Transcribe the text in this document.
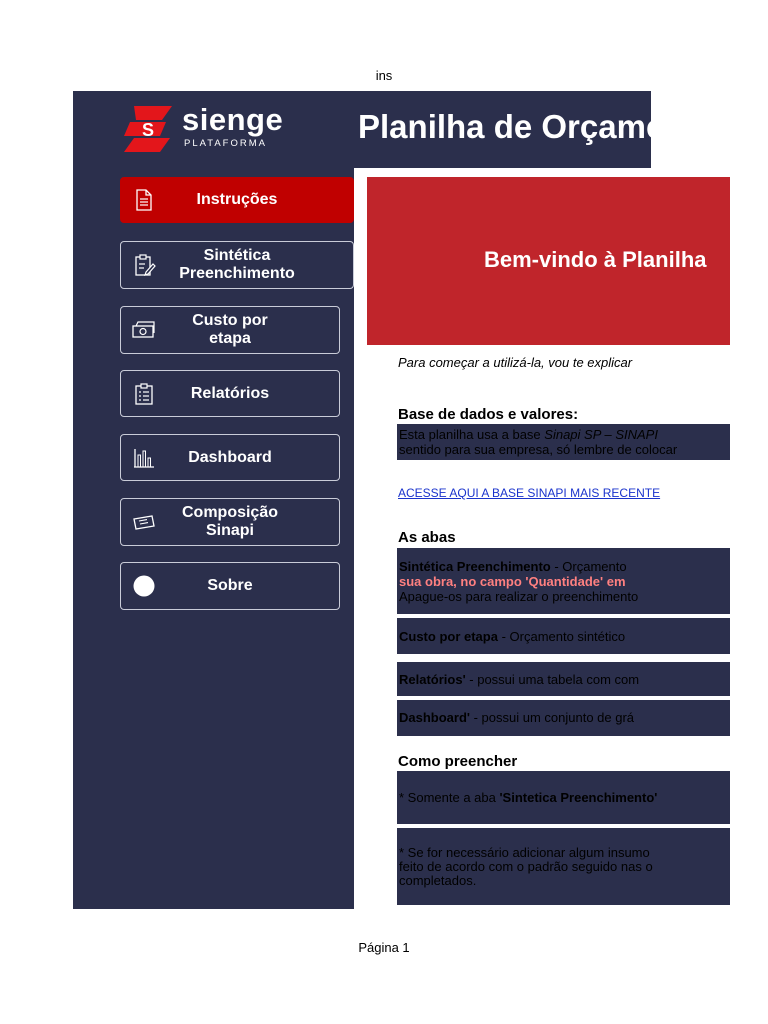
ins
Planilha de Orçamento
S sienge
PLATAFORMA
Instruções
Sintética Preenchimento
Custo por etapa
Relatórios
Dashboard
Composição Sinapi
Sobre
Bem-vindo à Planilha
Para começar a utilizá-la, vou te explicar
Base de dados e valores:
Esta planilha usa a base Sinapi SP – SINAPI
sentido para sua empresa, só lembre de colocar
ACESSE AQUI A BASE SINAPI MAIS RECENTE
As abas
Sintética Preenchimento - Orçamento
sua obra, no campo 'Quantidade' em
Apague-os para realizar o preenchimento
Custo por etapa - Orçamento sintético
Relatórios' - possui uma tabela com com
Dashboard' - possui um conjunto de grá
Como preencher
* Somente a aba 'Sintetica Preenchimento'
* Se for necessário adicionar algum insumo
feito de acordo com o padrão seguido nas o
completados.
Página 1
